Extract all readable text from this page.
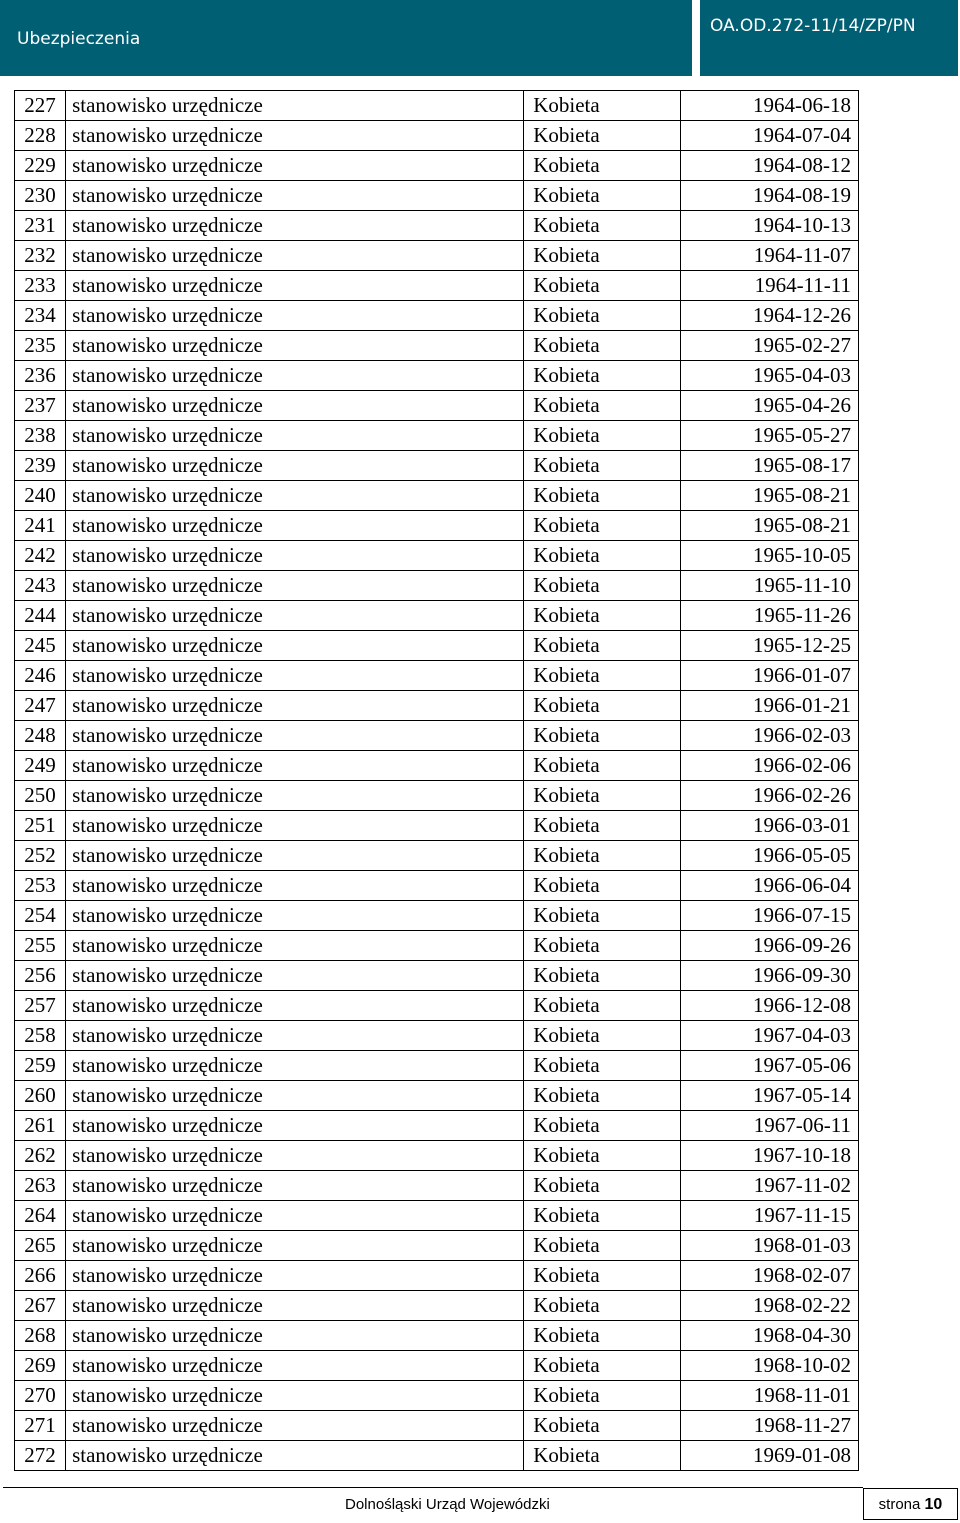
Ubezpieczenia
OA.OD.272-11/14/ZP/PN
227	stanowisko urzędnicze	Kobieta	1964-06-18
228	stanowisko urzędnicze	Kobieta	1964-07-04
229	stanowisko urzędnicze	Kobieta	1964-08-12
230	stanowisko urzędnicze	Kobieta	1964-08-19
231	stanowisko urzędnicze	Kobieta	1964-10-13
232	stanowisko urzędnicze	Kobieta	1964-11-07
233	stanowisko urzędnicze	Kobieta	1964-11-11
234	stanowisko urzędnicze	Kobieta	1964-12-26
235	stanowisko urzędnicze	Kobieta	1965-02-27
236	stanowisko urzędnicze	Kobieta	1965-04-03
237	stanowisko urzędnicze	Kobieta	1965-04-26
238	stanowisko urzędnicze	Kobieta	1965-05-27
239	stanowisko urzędnicze	Kobieta	1965-08-17
240	stanowisko urzędnicze	Kobieta	1965-08-21
241	stanowisko urzędnicze	Kobieta	1965-08-21
242	stanowisko urzędnicze	Kobieta	1965-10-05
243	stanowisko urzędnicze	Kobieta	1965-11-10
244	stanowisko urzędnicze	Kobieta	1965-11-26
245	stanowisko urzędnicze	Kobieta	1965-12-25
246	stanowisko urzędnicze	Kobieta	1966-01-07
247	stanowisko urzędnicze	Kobieta	1966-01-21
248	stanowisko urzędnicze	Kobieta	1966-02-03
249	stanowisko urzędnicze	Kobieta	1966-02-06
250	stanowisko urzędnicze	Kobieta	1966-02-26
251	stanowisko urzędnicze	Kobieta	1966-03-01
252	stanowisko urzędnicze	Kobieta	1966-05-05
253	stanowisko urzędnicze	Kobieta	1966-06-04
254	stanowisko urzędnicze	Kobieta	1966-07-15
255	stanowisko urzędnicze	Kobieta	1966-09-26
256	stanowisko urzędnicze	Kobieta	1966-09-30
257	stanowisko urzędnicze	Kobieta	1966-12-08
258	stanowisko urzędnicze	Kobieta	1967-04-03
259	stanowisko urzędnicze	Kobieta	1967-05-06
260	stanowisko urzędnicze	Kobieta	1967-05-14
261	stanowisko urzędnicze	Kobieta	1967-06-11
262	stanowisko urzędnicze	Kobieta	1967-10-18
263	stanowisko urzędnicze	Kobieta	1967-11-02
264	stanowisko urzędnicze	Kobieta	1967-11-15
265	stanowisko urzędnicze	Kobieta	1968-01-03
266	stanowisko urzędnicze	Kobieta	1968-02-07
267	stanowisko urzędnicze	Kobieta	1968-02-22
268	stanowisko urzędnicze	Kobieta	1968-04-30
269	stanowisko urzędnicze	Kobieta	1968-10-02
270	stanowisko urzędnicze	Kobieta	1968-11-01
271	stanowisko urzędnicze	Kobieta	1968-11-27
272	stanowisko urzędnicze	Kobieta	1969-01-08
Dolnośląski Urząd Wojewódzki	strona 10
